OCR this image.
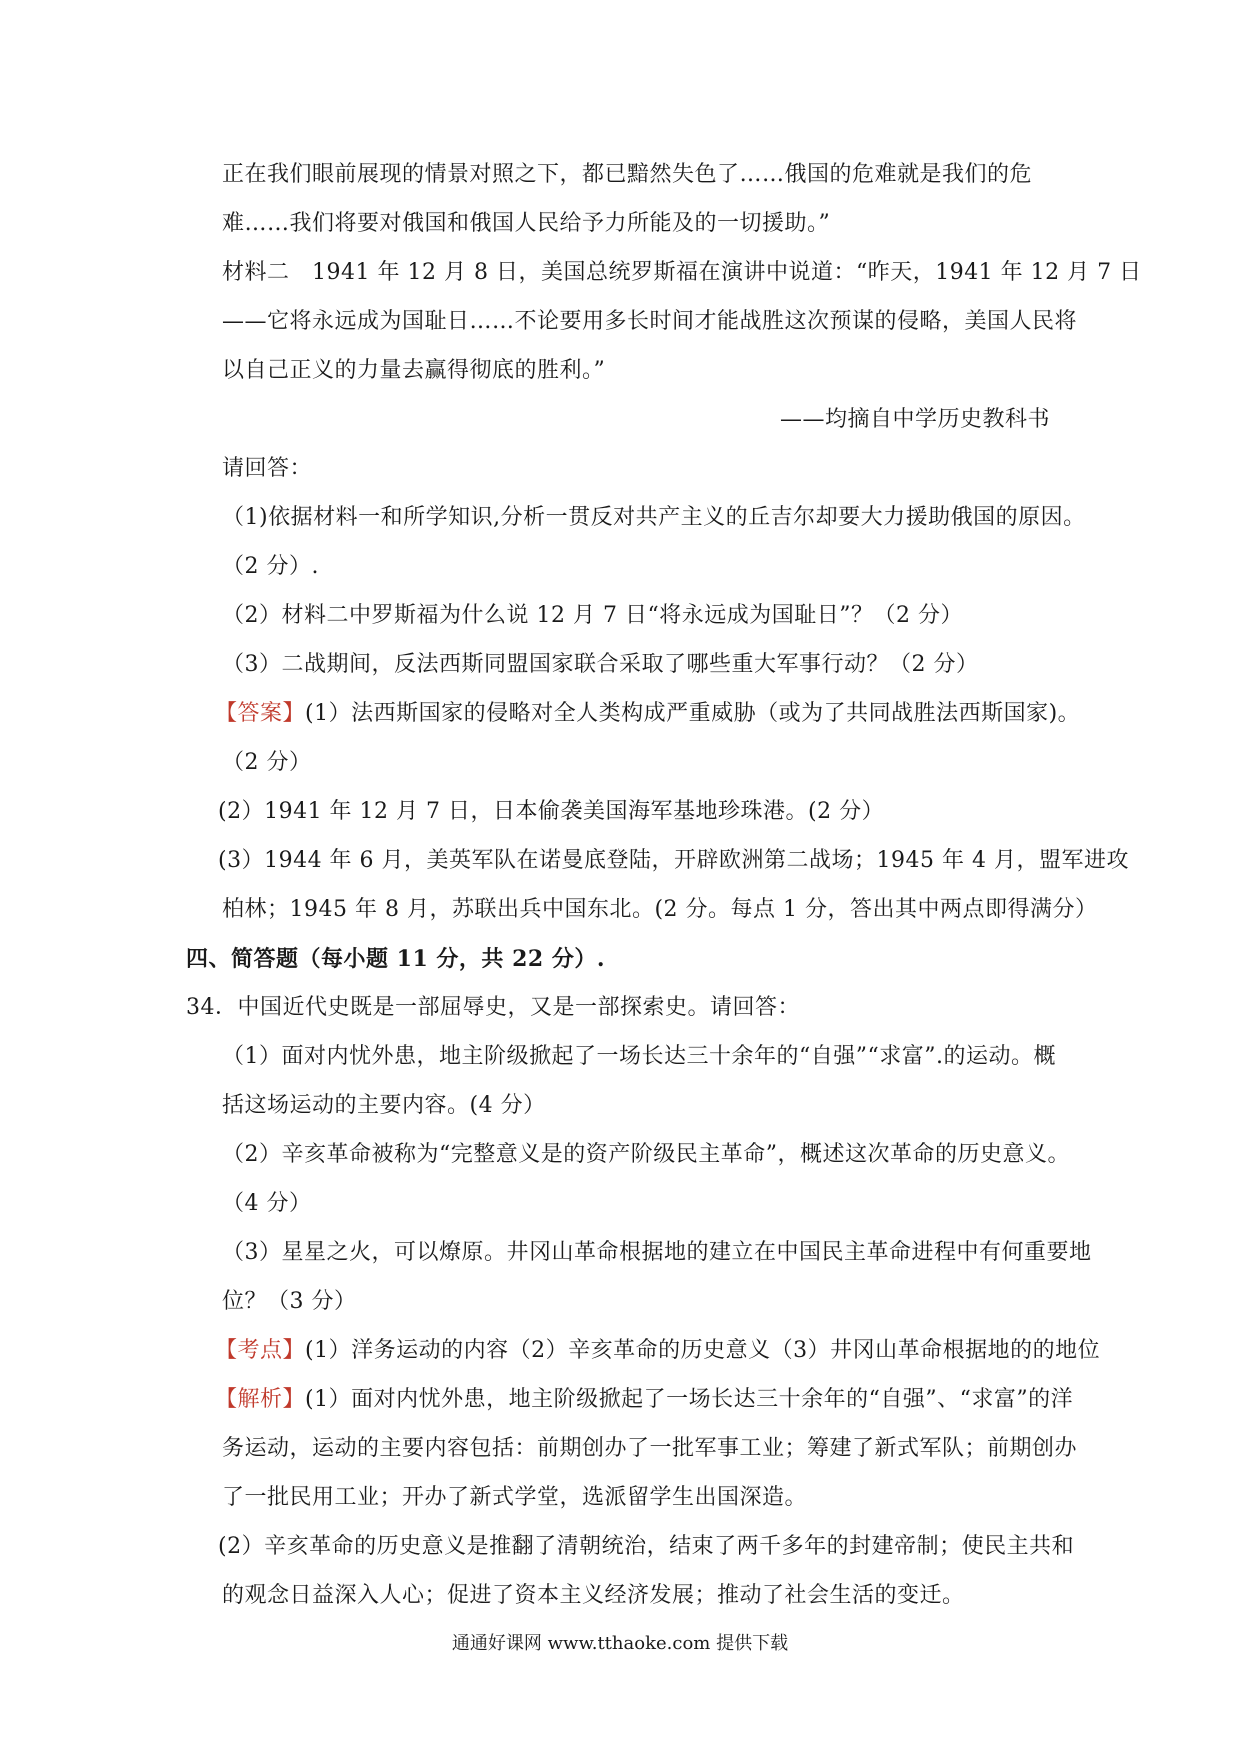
正在我们眼前展现的情景对照之下，都已黯然失色了……俄国的危难就是我们的危
难……我们将要对俄国和俄国人民给予力所能及的一切援助。”
材料二　1941 年 12 月 8 日，美国总统罗斯福在演讲中说道：“昨天，1941 年 12 月 7 日
——它将永远成为国耻日……不论要用多长时间才能战胜这次预谋的侵略，美国人民将
以自己正义的力量去赢得彻底的胜利。”
——均摘自中学历史教科书
请回答：
（1)依据材料一和所学知识,分析一贯反对共产主义的丘吉尔却要大力援助俄国的原因。
（2 分）.
（2）材料二中罗斯福为什么说 12 月 7 日“将永远成为国耻日”？（2 分）
（3）二战期间，反法西斯同盟国家联合采取了哪些重大军事行动？（2 分）
【答案】(1）法西斯国家的侵略对全人类构成严重威胁（或为了共同战胜法西斯国家)。
（2 分）
(2）1941 年 12 月 7 日，日本偷袭美国海军基地珍珠港。(2 分）
(3）1944 年 6 月，美英军队在诺曼底登陆，开辟欧洲第二战场；1945 年 4 月，盟军进攻
柏林；1945 年 8 月，苏联出兵中国东北。(2 分。每点 1 分，答出其中两点即得满分）
四、简答题（每小题 11 分，共 22 分）.
34．中国近代史既是一部屈辱史，又是一部探索史。请回答：
（1）面对内忧外患，地主阶级掀起了一场长达三十余年的“自强”“求富”.的运动。概
括这场运动的主要内容。(4 分）
（2）辛亥革命被称为“完整意义是的资产阶级民主革命”，概述这次革命的历史意义。
（4 分）
（3）星星之火，可以燎原。井冈山革命根据地的建立在中国民主革命进程中有何重要地
位？（3 分）
【考点】(1）洋务运动的内容（2）辛亥革命的历史意义（3）井冈山革命根据地的的地位
【解析】(1）面对内忧外患，地主阶级掀起了一场长达三十余年的“自强”、“求富”的洋
务运动，运动的主要内容包括：前期创办了一批军事工业；筹建了新式军队；前期创办
了一批民用工业；开办了新式学堂，选派留学生出国深造。
(2）辛亥革命的历史意义是推翻了清朝统治，结束了两千多年的封建帝制；使民主共和
的观念日益深入人心；促进了资本主义经济发展；推动了社会生活的变迁。
通通好课网 www.tthaoke.com 提供下载
